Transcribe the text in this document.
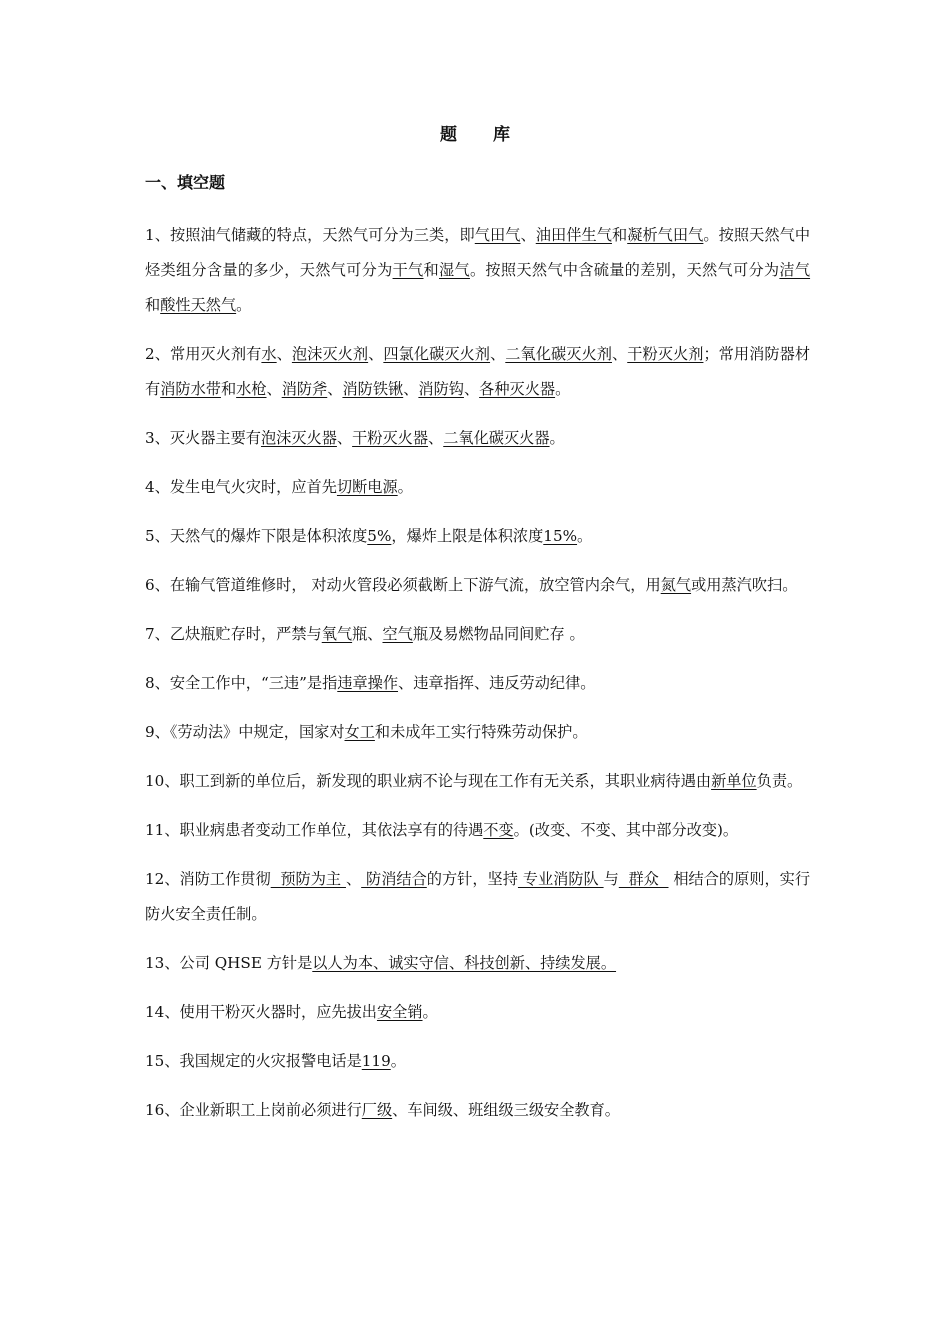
题 库
一、填空题

1、按照油气储藏的特点，天然气可分为三类，即气田气、油田伴生气和凝析气田气。按照天然气中烃类组分含量的多少，天然气可分为干气和湿气。按照天然气中含硫量的差别，天然气可分为洁气和酸性天然气。

2、常用灭火剂有水、泡沫灭火剂、四氯化碳灭火剂、二氧化碳灭火剂、干粉灭火剂；常用消防器材有消防水带和水枪、消防斧、消防铁锹、消防钩、各种灭火器。

3、灭火器主要有泡沫灭火器、干粉灭火器、二氧化碳灭火器。

4、发生电气火灾时，应首先切断电源。

5、天然气的爆炸下限是体积浓度5%，爆炸上限是体积浓度15%。

6、在输气管道维修时， 对动火管段必须截断上下游气流，放空管内余气，用氮气或用蒸汽吹扫。

7、乙炔瓶贮存时，严禁与氧气瓶、空气瓶及易燃物品同间贮存 。

8、安全工作中，“三违”是指违章操作、违章指挥、违反劳动纪律。

9、《劳动法》中规定，国家对女工和未成年工实行特殊劳动保护。

10、职工到新的单位后，新发现的职业病不论与现在工作有无关系，其职业病待遇由新单位负责。

11、职业病患者变动工作单位，其依法享有的待遇不变。(改变、不变、其中部分改变)。

12、消防工作贯彻  预防为主 、 防消结合的方针，坚持 专业消防队 与  群众   相结合的原则，实行防火安全责任制。

13、公司 QHSE 方针是以人为本、诚实守信、科技创新、持续发展。

14、使用干粉灭火器时，应先拔出安全销。

15、我国规定的火灾报警电话是119。

16、企业新职工上岗前必须进行厂级、车间级、班组级三级安全教育。
